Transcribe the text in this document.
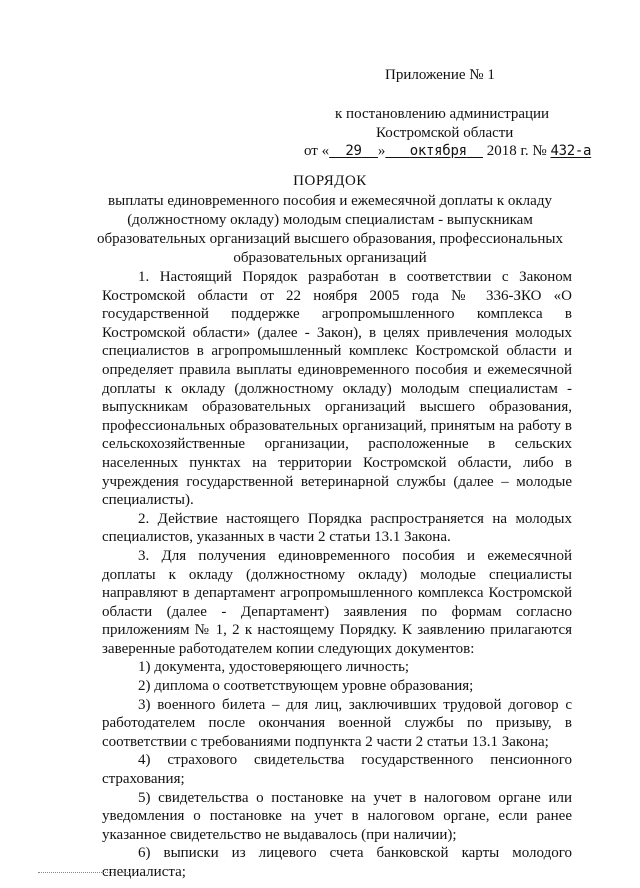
Приложение № 1
к постановлению администрации
Костромской области
от « 29 » октября 2018 г. № 432-а
ПОРЯДОК
выплаты единовременного пособия и ежемесячной доплаты к окладу (должностному окладу) молодым специалистам - выпускникам образовательных организаций высшего образования, профессиональных образовательных организаций

1. Настоящий Порядок разработан в соответствии с Законом Костромской области от 22 ноября 2005 года № 336-ЗКО «О государственной поддержке агропромышленного комплекса в Костромской области» (далее - Закон), в целях привлечения молодых специалистов в агропромышленный комплекс Костромской области и определяет правила выплаты единовременного пособия и ежемесячной доплаты к окладу (должностному окладу) молодым специалистам - выпускникам образовательных организаций высшего образования, профессиональных образовательных организаций, принятым на работу в сельскохозяйственные организации, расположенные в сельских населенных пунктах на территории Костромской области, либо в учреждения государственной ветеринарной службы (далее – молодые специалисты).

2. Действие настоящего Порядка распространяется на молодых специалистов, указанных в части 2 статьи 13.1 Закона.

3. Для получения единовременного пособия и ежемесячной доплаты к окладу (должностному окладу) молодые специалисты направляют в департамент агропромышленного комплекса Костромской области (далее - Департамент) заявления по формам согласно приложениям № 1, 2 к настоящему Порядку. К заявлению прилагаются заверенные работодателем копии следующих документов:

1) документа, удостоверяющего личность;

2) диплома о соответствующем уровне образования;

3) военного билета – для лиц, заключивших трудовой договор с работодателем после окончания военной службы по призыву, в соответствии с требованиями подпункта 2 части 2 статьи 13.1 Закона;

4) страхового свидетельства государственного пенсионного страхования;

5) свидетельства о постановке на учет в налоговом органе или уведомления о постановке на учет в налоговом органе, если ранее указанное свидетельство не выдавалось (при наличии);

6) выписки из лицевого счета банковской карты молодого специалиста;
